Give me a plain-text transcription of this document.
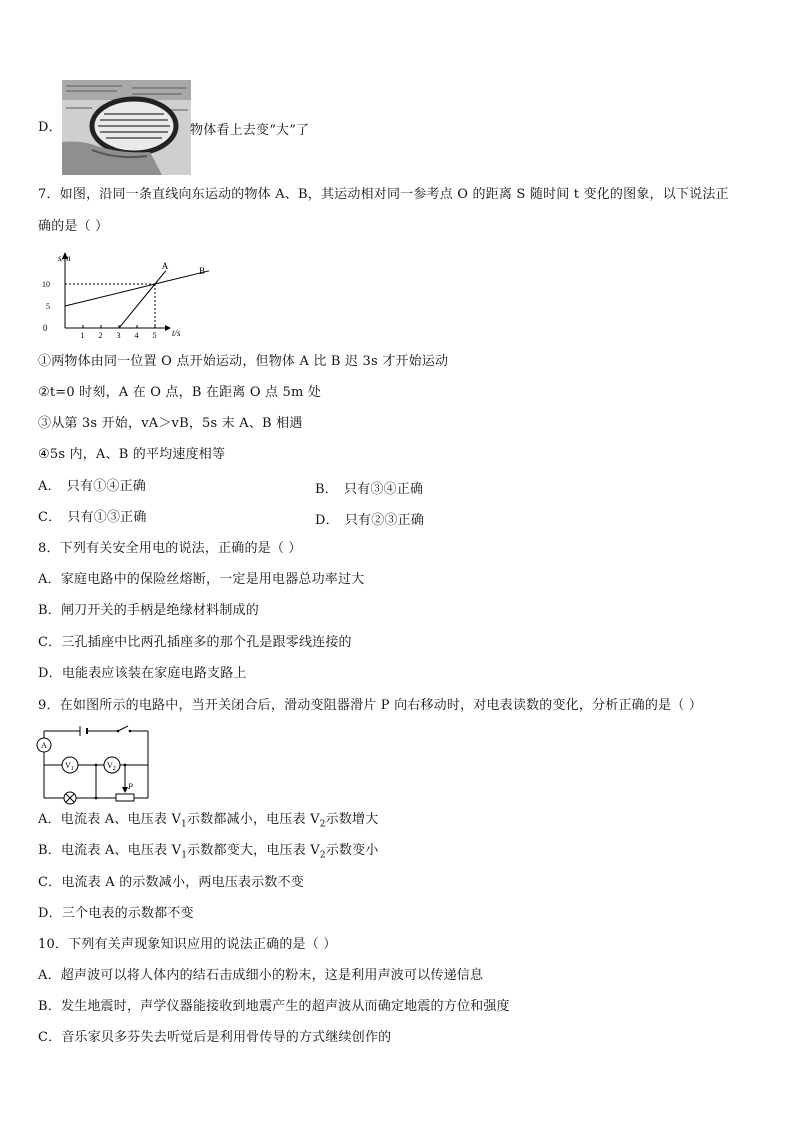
D．	物体看上去变“大”了
7．如图，沿同一条直线向东运动的物体 A、B，其运动相对同一参考点 O 的距离 S 随时间 t 变化的图象，以下说法正
确的是（ ）
s/m
t/s
0
1 2 3 4 5
5
10
A	B
①两物体由同一位置 O 点开始运动，但物体 A 比 B 迟 3s 才开始运动
②t=0 时刻，A 在 O 点，B 在距离 O 点 5m 处
③从第 3s 开始，vA＞vB，5s 末 A、B 相遇
④5s 内，A、B 的平均速度相等
A． 只有①④正确	B． 只有③④正确
C． 只有①③正确	D． 只有②③正确
8．下列有关安全用电的说法，正确的是（ ）
A．家庭电路中的保险丝熔断，一定是用电器总功率过大
B．闸刀开关的手柄是绝缘材料制成的
C．三孔插座中比两孔插座多的那个孔是跟零线连接的
D．电能表应该装在家庭电路支路上
9．在如图所示的电路中，当开关闭合后，滑动变阻器滑片 P 向右移动时，对电表读数的变化，分析正确的是（ ）
P
A
$V_1$	$V_2$
A．电流表 A、电压表 $V_1$示数都减小，电压表 $V_2$示数增大
B．电流表 A、电压表 $V_1$示数都变大，电压表 $V_2$示数变小
C．电流表 A 的示数减小，两电压表示数不变
D．三个电表的示数都不变
10．下列有关声现象知识应用的说法正确的是（ ）
A．超声波可以将人体内的结石击成细小的粉末，这是利用声波可以传递信息
B．发生地震时，声学仪器能接收到地震产生的超声波从而确定地震的方位和强度
C．音乐家贝多芬失去听觉后是利用骨传导的方式继续创作的
